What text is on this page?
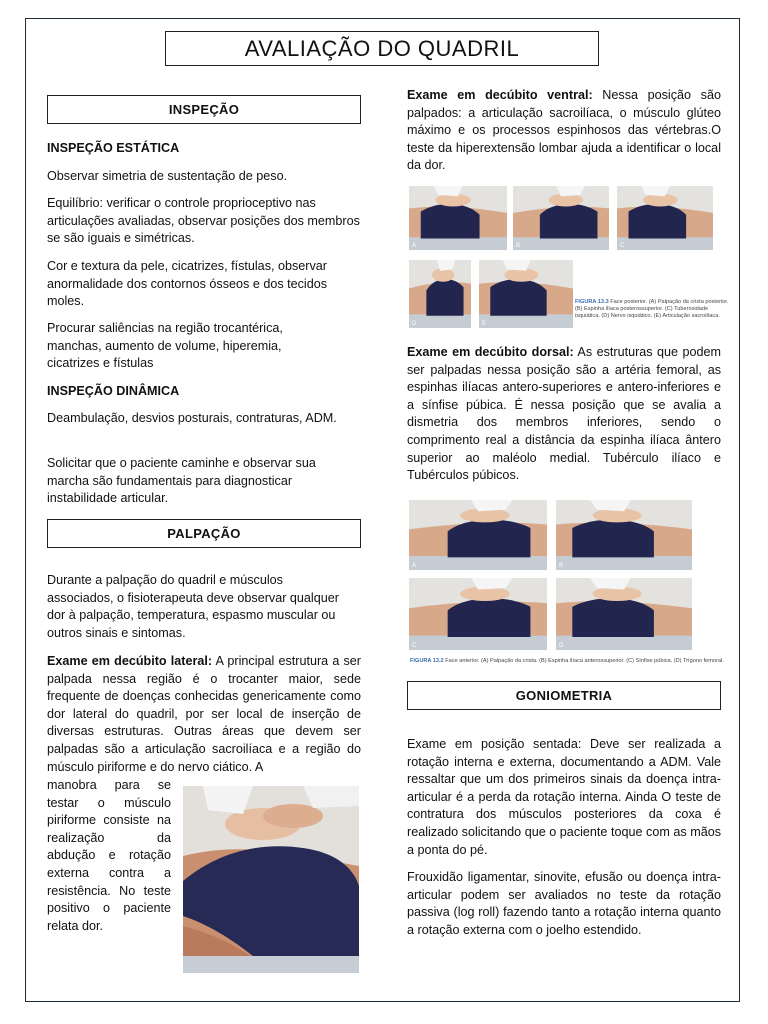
AVALIAÇÃO DO QUADRIL
INSPEÇÃO

INSPEÇÃO ESTÁTICA

Observar simetria de sustentação de peso.

Equilíbrio: verificar o controle proprioceptivo nas articulações avaliadas, observar posições dos membros se são iguais e simétricas.

Cor e textura da pele, cicatrizes, fístulas, observar anormalidade dos contornos ósseos e dos tecidos moles.

Procurar saliências na região trocantérica, manchas, aumento de volume, hiperemia, cicatrizes e fístulas

INSPEÇÃO DINÂMICA

Deambulação, desvios posturais, contraturas, ADM.

Solicitar que o paciente caminhe e observar sua marcha são fundamentais para diagnosticar instabilidade articular.

PALPAÇÃO

Durante a palpação do quadril e músculos associados, o fisioterapeuta deve observar qualquer dor à palpação, temperatura, espasmo muscular ou outros sinais e sintomas.

Exame em decúbito lateral: A principal estrutura a ser palpada nessa região é o trocanter maior, sede frequente de doenças conhecidas genericamente como dor lateral do quadril, por ser local de inserção de diversas estruturas. Outras áreas que devem ser palpadas são a articulação sacroilíaca e a região do músculo piriforme e do nervo ciático. A

manobra para se testar o músculo piriforme consiste na realização da abdução e rotação externa contra a resistência. No teste positivo o paciente relata dor.

Exame em decúbito ventral: Nessa posição são palpados: a articulação sacroilíaca, o músculo glúteo máximo e os processos espinhosos das vértebras.O teste da hiperextensão lombar ajuda a identificar o local da dor.

A	B	C
D	E
FIGURA 13.3 Face posterior. (A) Palpação da crista posterior. (B) Espinha ilíaca posterossuperior. (C) Tuberosidade isquiática. (D) Nervo isquiático. (E) Articulação sacroilíaca.

Exame em decúbito dorsal: As estruturas que podem ser palpadas nessa posição são a artéria femoral, as espinhas ilíacas antero-superiores e antero-inferiores e a sínfise púbica. É nessa posição que se avalia a dismetria dos membros inferiores, sendo o comprimento real a distância da espinha ilíaca ântero superior ao maléolo medial. Tubérculo ilíaco e Tubérculos púbicos.

A	B
C	D
FIGURA 13.2 Face anterior. (A) Palpação da crista. (B) Espinha ilíaca anterossuperior. (C) Sínfise púbica. (D) Trígono femoral.
GONIOMETRIA

Exame em posição sentada: Deve ser realizada a rotação interna e externa, documentando a ADM. Vale ressaltar que um dos primeiros sinais da doença intra-articular é a perda da rotação interna. Ainda O teste de contratura dos músculos posteriores da coxa é realizado solicitando que o paciente toque com as mãos a ponta do pé.

Frouxidão ligamentar, sinovite, efusão ou doença intra-articular podem ser avaliados no teste da rotação passiva (log roll) fazendo tanto a rotação interna quanto a rotação externa com o joelho estendido.
